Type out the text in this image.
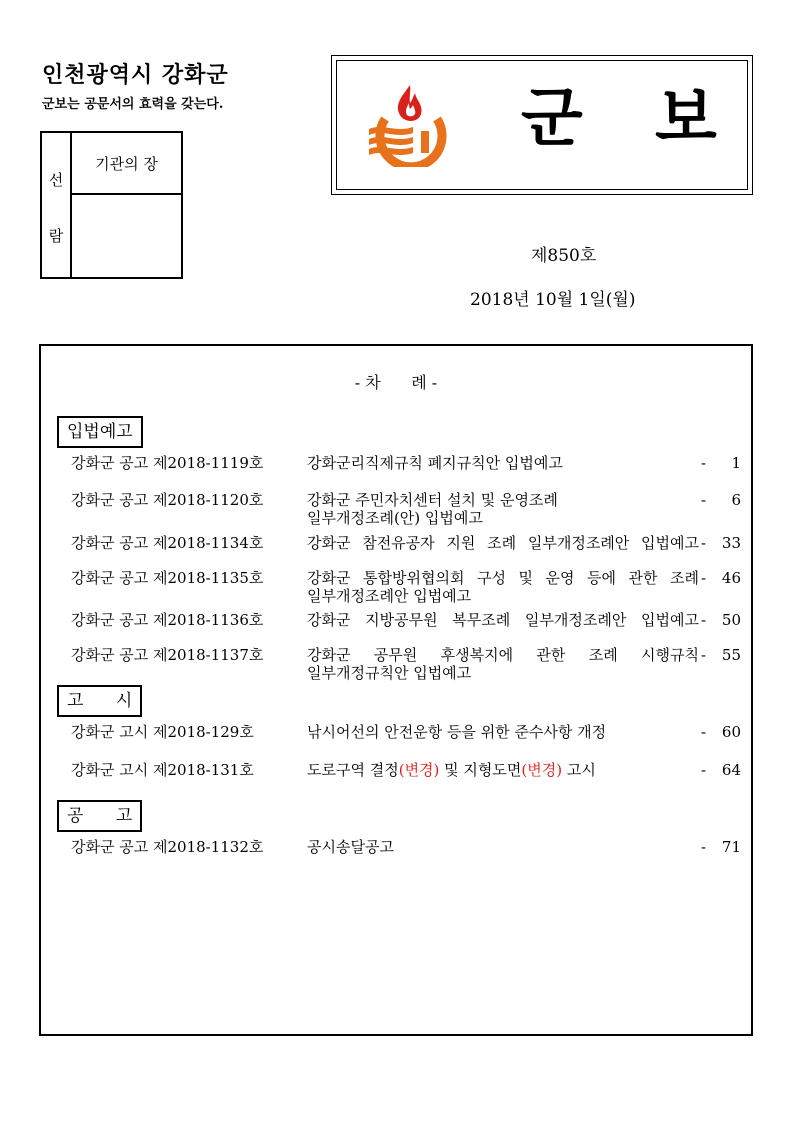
인천광역시 강화군
군보는 공문서의 효력을 갖는다.
선
람
기관의 장
군 보
제850호
2018년 10월 1일(월)
- 차      례 -
입법예고
강화군 공고 제2018-1119호	강화군리직제규칙 폐지규칙안 입법예고	- 1
강화군 공고 제2018-1120호	강화군 주민자치센터 설치 및 운영조례
일부개정조례(안) 입법예고
- 6
강화군 공고 제2018-1134호	강화군 참전유공자 지원 조례 일부개정조례안 입법예고 - 33
강화군 공고 제2018-1135호	강화군 통합방위협의회 구성 및 운영 등에 관한 조례
일부개정조례안 입법예고
- 46
강화군 공고 제2018-1136호	강화군 지방공무원 복무조례 일부개정조례안 입법예고 - 50
강화군 공고 제2018-1137호	강화군 공무원 후생복지에 관한 조례 시행규칙
일부개정규칙안 입법예고
- 55
고      시
강화군 고시 제2018-129호	낚시어선의 안전운항 등을 위한 준수사항 개정	- 60
강화군 고시 제2018-131호	도로구역 결정(변경) 및 지형도면(변경) 고시	- 64
공      고
강화군 공고 제2018-1132호	공시송달공고	- 71
